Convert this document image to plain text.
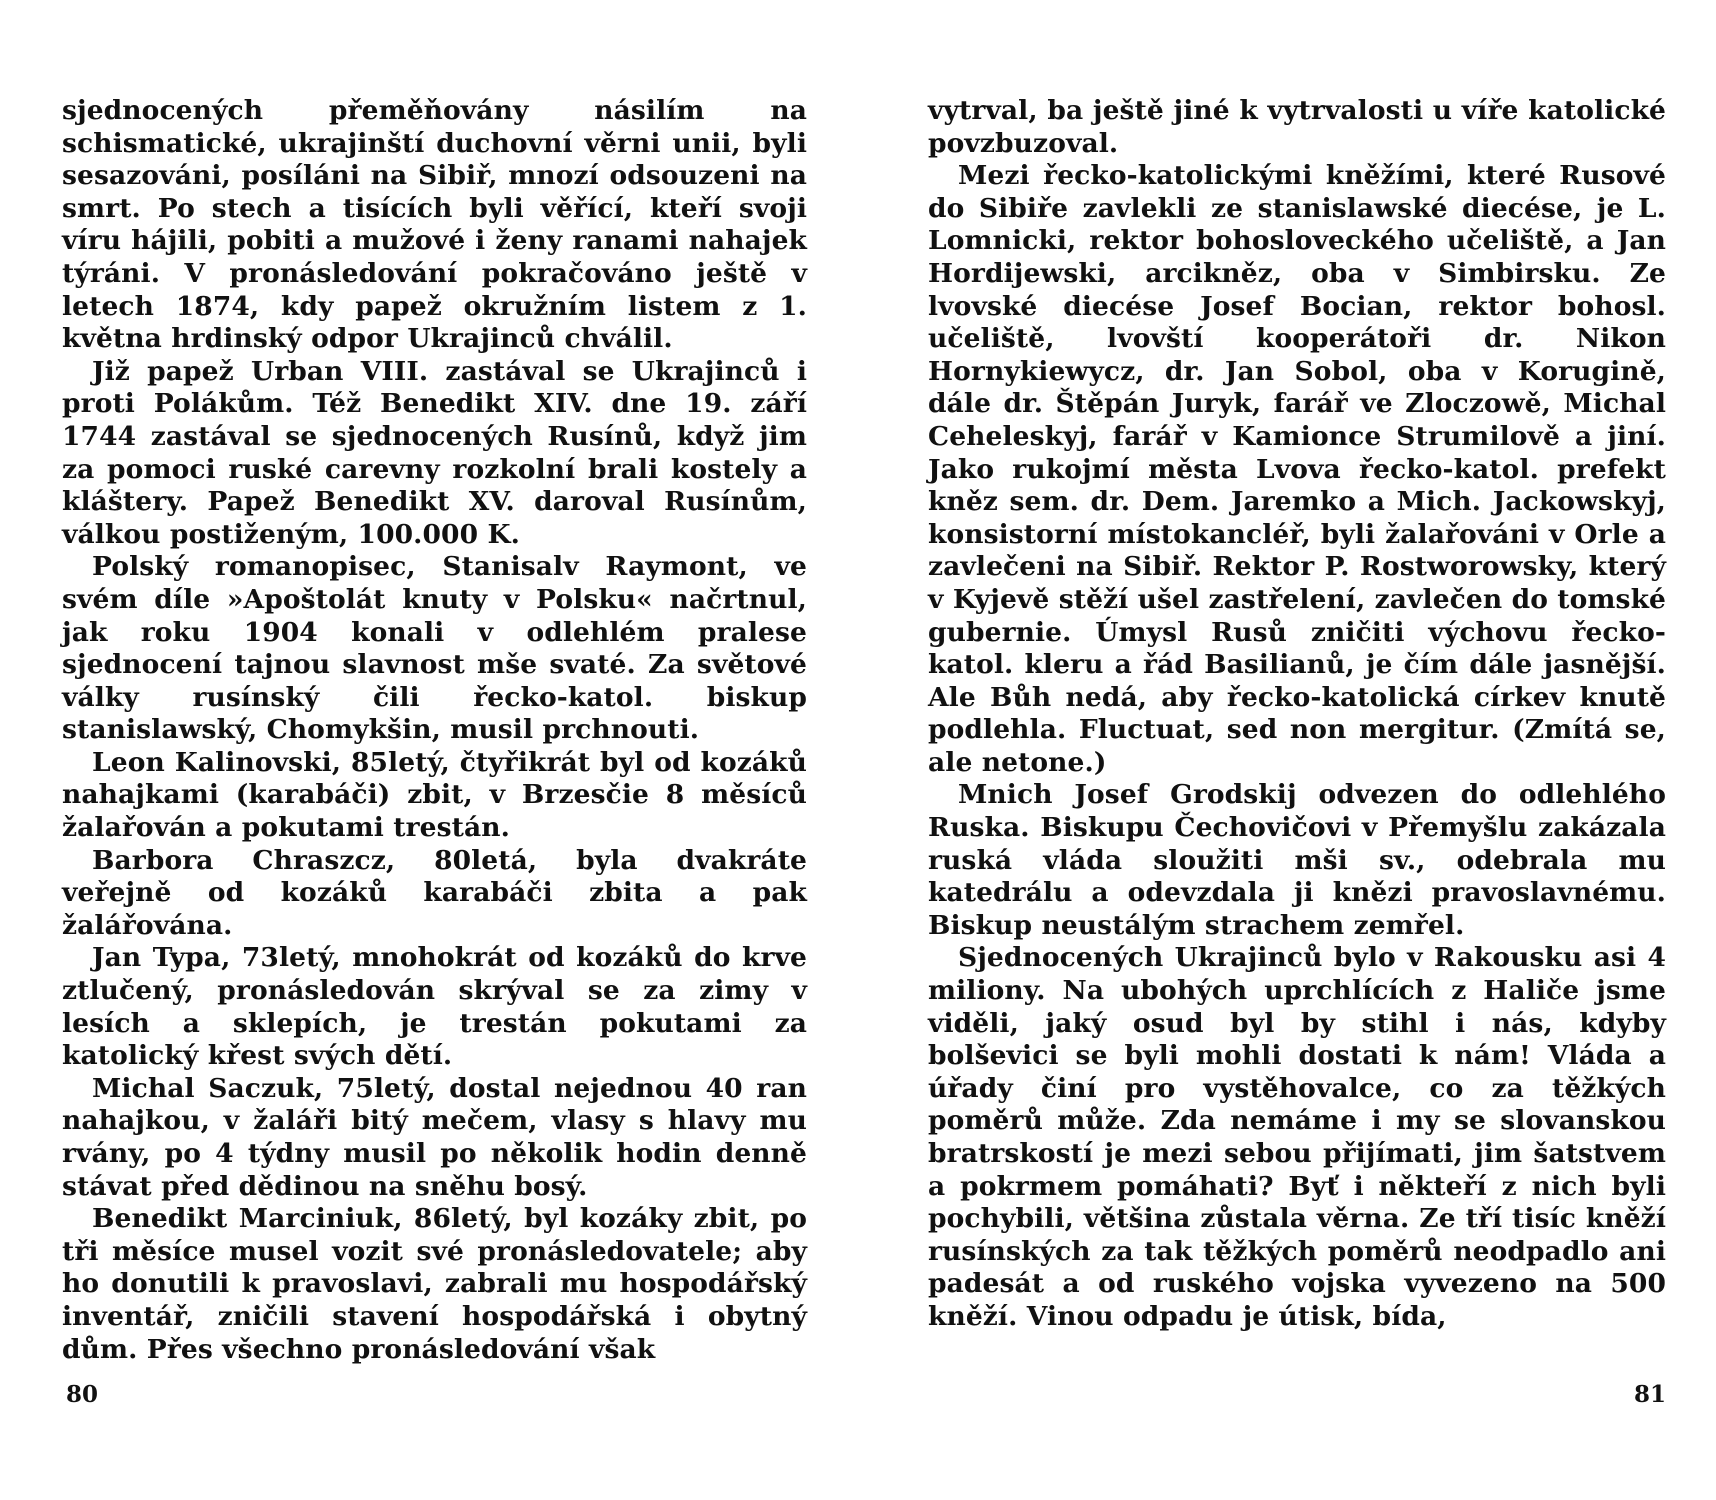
sjednocených přeměňovány násilím na schismatické, ukrajinští duchovní věrni unii, byli sesazováni, posíláni na Sibiř, mnozí odsouzeni na smrt. Po stech a tisících byli věřící, kteří svoji víru hájili, pobiti a mužové i ženy ranami nahajek týráni. V pronásledování pokračováno ještě v letech 1874, kdy papež okružním listem z 1. května hrdinský odpor Ukrajinců chválil.

Již papež Urban VIII. zastával se Ukrajinců i proti Polákům. Též Benedikt XIV. dne 19. září 1744 zastával se sjednocených Rusínů, když jim za pomoci ruské carevny rozkolní brali kostely a kláštery. Papež Benedikt XV. daroval Rusínům, válkou postiženým, 100.000 K.

Polský romanopisec, Stanisalv Raymont, ve svém díle »Apoštolát knuty v Polsku« načrtnul, jak roku 1904 konali v odlehlém pralese sjednocení tajnou slavnost mše svaté. Za světové války rusínský čili řecko-katol. biskup stanislawský, Chomykšin, musil prchnouti.

Leon Kalinovski, 85letý, čtyřikrát byl od kozáků nahajkami (karabáči) zbit, v Brzesčie 8 měsíců žalařován a pokutami trestán.

Barbora Chraszcz, 80letá, byla dvakráte veřejně od kozáků karabáči zbita a pak žalářována.

Jan Typa, 73letý, mnohokrát od kozáků do krve ztlučený, pronásledován skrýval se za zimy v lesích a sklepích, je trestán pokutami za katolický křest svých dětí.

Michal Saczuk, 75letý, dostal nejednou 40 ran nahajkou, v žaláři bitý mečem, vlasy s hlavy mu rvány, po 4 týdny musil po několik hodin denně stávat před dědinou na sněhu bosý.

Benedikt Marciniuk, 86letý, byl kozáky zbit, po tři měsíce musel vozit své pronásledovatele; aby ho donutili k pravoslavi, zabrali mu hospodářský inventář, zničili stavení hospodářská i obytný dům. Přes všechno pronásledování však

80

vytrval, ba ještě jiné k vytrvalosti u víře katolické povzbuzoval.

Mezi řecko-katolickými kněžími, které Rusové do Sibiře zavlekli ze stanislawské diecése, je L. Lomnicki, rektor bohosloveckého učeliště, a Jan Hordijewski, arcikněz, oba v Simbirsku. Ze lvovské diecése Josef Bocian, rektor bohosl. učeliště, lvovští kooperátoři dr. Nikon Hornykiewycz, dr. Jan Sobol, oba v Korugině, dále dr. Štěpán Juryk, farář ve Zloczowě, Michal Ceheleskyj, farář v Kamionce Strumilově a jiní. Jako rukojmí města Lvova řecko-katol. prefekt kněz sem. dr. Dem. Jaremko a Mich. Jackowskyj, konsistorní místokancléř, byli žalařováni v Orle a zavlečeni na Sibiř. Rektor P. Rostworowsky, který v Kyjevě stěží ušel zastřelení, zavlečen do tomské gubernie. Úmysl Rusů zničiti výchovu řecko-katol. kleru a řád Basilianů, je čím dále jasnější. Ale Bůh nedá, aby řecko-katolická církev knutě podlehla. Fluctuat, sed non mergitur. (Zmítá se, ale netone.)

Mnich Josef Grodskij odvezen do odlehlého Ruska. Biskupu Čechovičovi v Přemyšlu zakázala ruská vláda sloužiti mši sv., odebrala mu katedrálu a odevzdala ji knězi pravoslavnému. Biskup neustálým strachem zemřel.

Sjednocených Ukrajinců bylo v Rakousku asi 4 miliony. Na ubohých uprchlících z Haliče jsme viděli, jaký osud byl by stihl i nás, kdyby bolševici se byli mohli dostati k nám! Vláda a úřady činí pro vystěhovalce, co za těžkých poměrů může. Zda nemáme i my se slovanskou bratrskostí je mezi sebou přijímati, jim šatstvem a pokrmem pomáhati? Byť i někteří z nich byli pochybili, většina zůstala věrna. Ze tří tisíc kněží rusínských za tak těžkých poměrů neodpadlo ani padesát a od ruského vojska vyvezeno na 500 kněží. Vinou odpadu je útisk, bída,

81
